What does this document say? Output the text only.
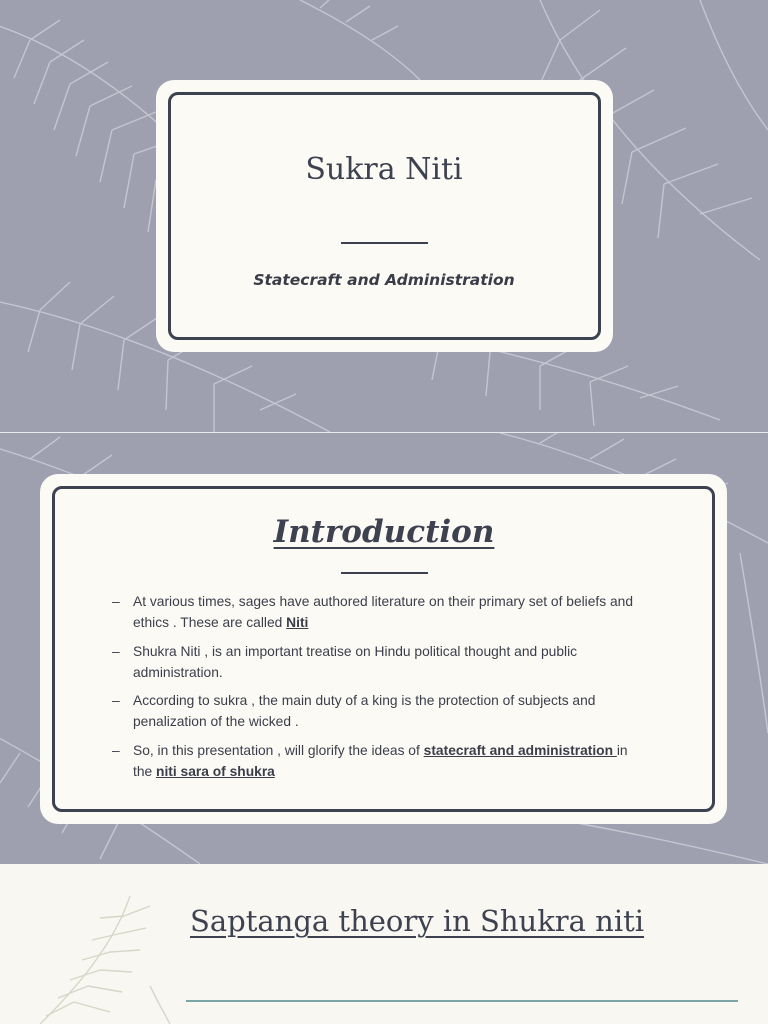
Sukra Niti
Statecraft and Administration
Introduction
– At various times, sages have authored literature on their primary set of beliefs and ethics . These are called Niti
– Shukra Niti , is an important treatise on Hindu political thought and public administration.
– According to sukra , the main duty of a king is the protection of subjects and penalization of the wicked .
– So, in this presentation , will glorify the ideas of statecraft and administration in the niti sara of shukra
Saptanga theory in Shukra niti
